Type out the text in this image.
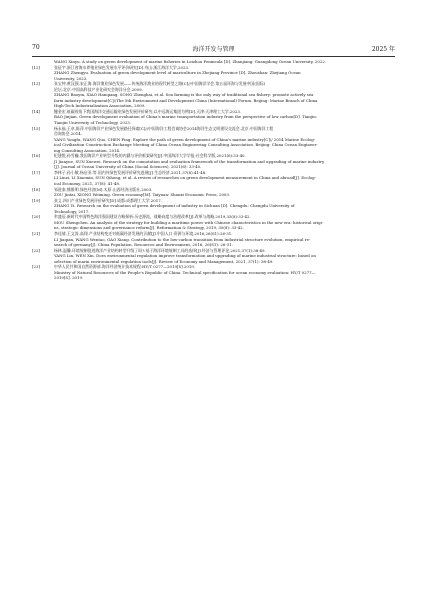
70	海洋开发与管理	2025 年
WANG Xinyu. A study on green development of marine fisheries in Leizhou Peninsula [D]. Zhanjiang: Guangdong Ocean University, 2022.
[12]	张征宇.浙江省海水养殖业绿色发展水平评价研究[D].舟山:浙江海洋大学,2023.
ZHANG Zhengyu. Evaluation of green development level of mariculture in Zhejiang Province [D]. Zhoushan: Zhejiang Ocean
University, 2023.
[13]	张宝仲,黄汉强,宋正海.海洋渔业绿色发展——传统海洋渔业的现代转型之路[C]//中国海洋学会.第五届环海与发展中国(国际)
论坛.北京:中国高科技产业化研究会海洋分会,2009.
ZHANG Baoyin, XIAO Hanqiang, SONG Zhenghai, et al. Sea farming is the only way of traditional sea fishery: promote actively sea
farm industry development[C]//The 5th Environment and Development China (International) Forum. Beijing: Marine Branch of China
High-Tech Industrialization Association, 2009.
[14]	鲍金宏.低碳视角下我国海洋交通运输业绿色发展评价研究:以中远海运集团为例[D].天津:天津理工大学,2023.
BAO Jinjian. Green development evaluation of China's marine transportation industry from the perspective of low carbon[D]. Tianjin:
Tianjin University of Technology, 2023.
[15]	杨永福,王卓,陈萍.中国海洋产业绿色发展路径探索[C]//中国海洋工程咨询协会2014海洋生态文明建设交流会.北京:中国海洋工程
咨询协会,2014.
YANG Yongfu, WANG Quo, CHEN Ping. Explore the path of green development of China's marine industry[C]// 2014 Marine Ecolog-
ical Civilization Construction Exchange Meeting of China Ocean Engineering Consulting Association. Beijing: China Ocean Engineer-
ing Consulting Association, 2014.
[16]	纪建悦,孙雪巍.我国海洋产业转型升级的内涵与评价框架研究[J].中国海洋大学学报:社会科学版,2021(6):33-40.
JI Jianyue, SUN Xuewei. Research on the connotation and evaluation framework of the transformation and upgrading of marine industry
[J]. Journal of Ocean University of China (Social Sciences), 2021(6): 33-40.
[17]	李林子,孙小敏,杨启亚.等.国内外绿色发展评价研究进展[J].生态经济,2021,37(8):41-48.
LI Linzi, LI Xiaomin, SUN Qihong, et al. A review of researches on green development measurement in China and abroad[J]. Ecolog-
ical Economy, 2021, 37(8): 41-48.
[18]	邹进泰,熊维明.绿色经济[M].太原:山西经济出版社,2003.
ZOU Jintai, XIONG Weiming. Green economy[M]. Taiyuan: Shanxi Economic Press, 2003.
[19]	张义.四川产业绿色发展评价研究[D].成都:成都理工大学,2017.
ZHANG Yi. Research on the evaluation of green development of industry in Sichuan [D]. Chengdu: Chengdu University of
Technology, 2017.
[20]	牟盛辰.新时代中国特色海洋强国建设方略探析:历史源流、战略向度与治理改革[J].改革与战略,2019,35(8):33-42.
MOU Shengchen. An analysis of the strategy for building a maritime power with Chinese characteristics in the new era: historical origi-
ns, strategic dimensions and governance reform[J]. Reformation & Strategy, 2019, 35(8): 33-42.
[21]	李佳倩,王文涛,高翔.产业结构变迁对低碳经济发展的贡献[J].中国人口·资源与环境,2016,26(S1):26-31.
LI Jiaqian, WANG Wentao, GAO Xiang. Contribution to the low-carbon transition from industrial structure evolution, empirical re-
search of germany[J]. China Population, Resources and Environment, 2016, 26(S1): 26-31.
[22]	杨林,温馨.环境规制促进海洋产业结构转型升级了吗?:基于海洋环境规制工具的选择[J].经济与管理评论,2021,37(1):38-49.
YANG Lin, WEN Xin. Does environmental regulation improve transformation and upgrading of marine industrial structure: based on
selection of marin environmental regulation tools[J]. Review of Economy and Management, 2021, 37(1): 38-49.
[23]	中华人民共和国自然资源部.海洋经济统计技术规程:HY/T 0277—2019[S].2019.
Ministry of Natural Resources of the People's Republic of China. Technical specification for ocean economy evaluation: HY/T 0277—
2019[S]. 2019.
